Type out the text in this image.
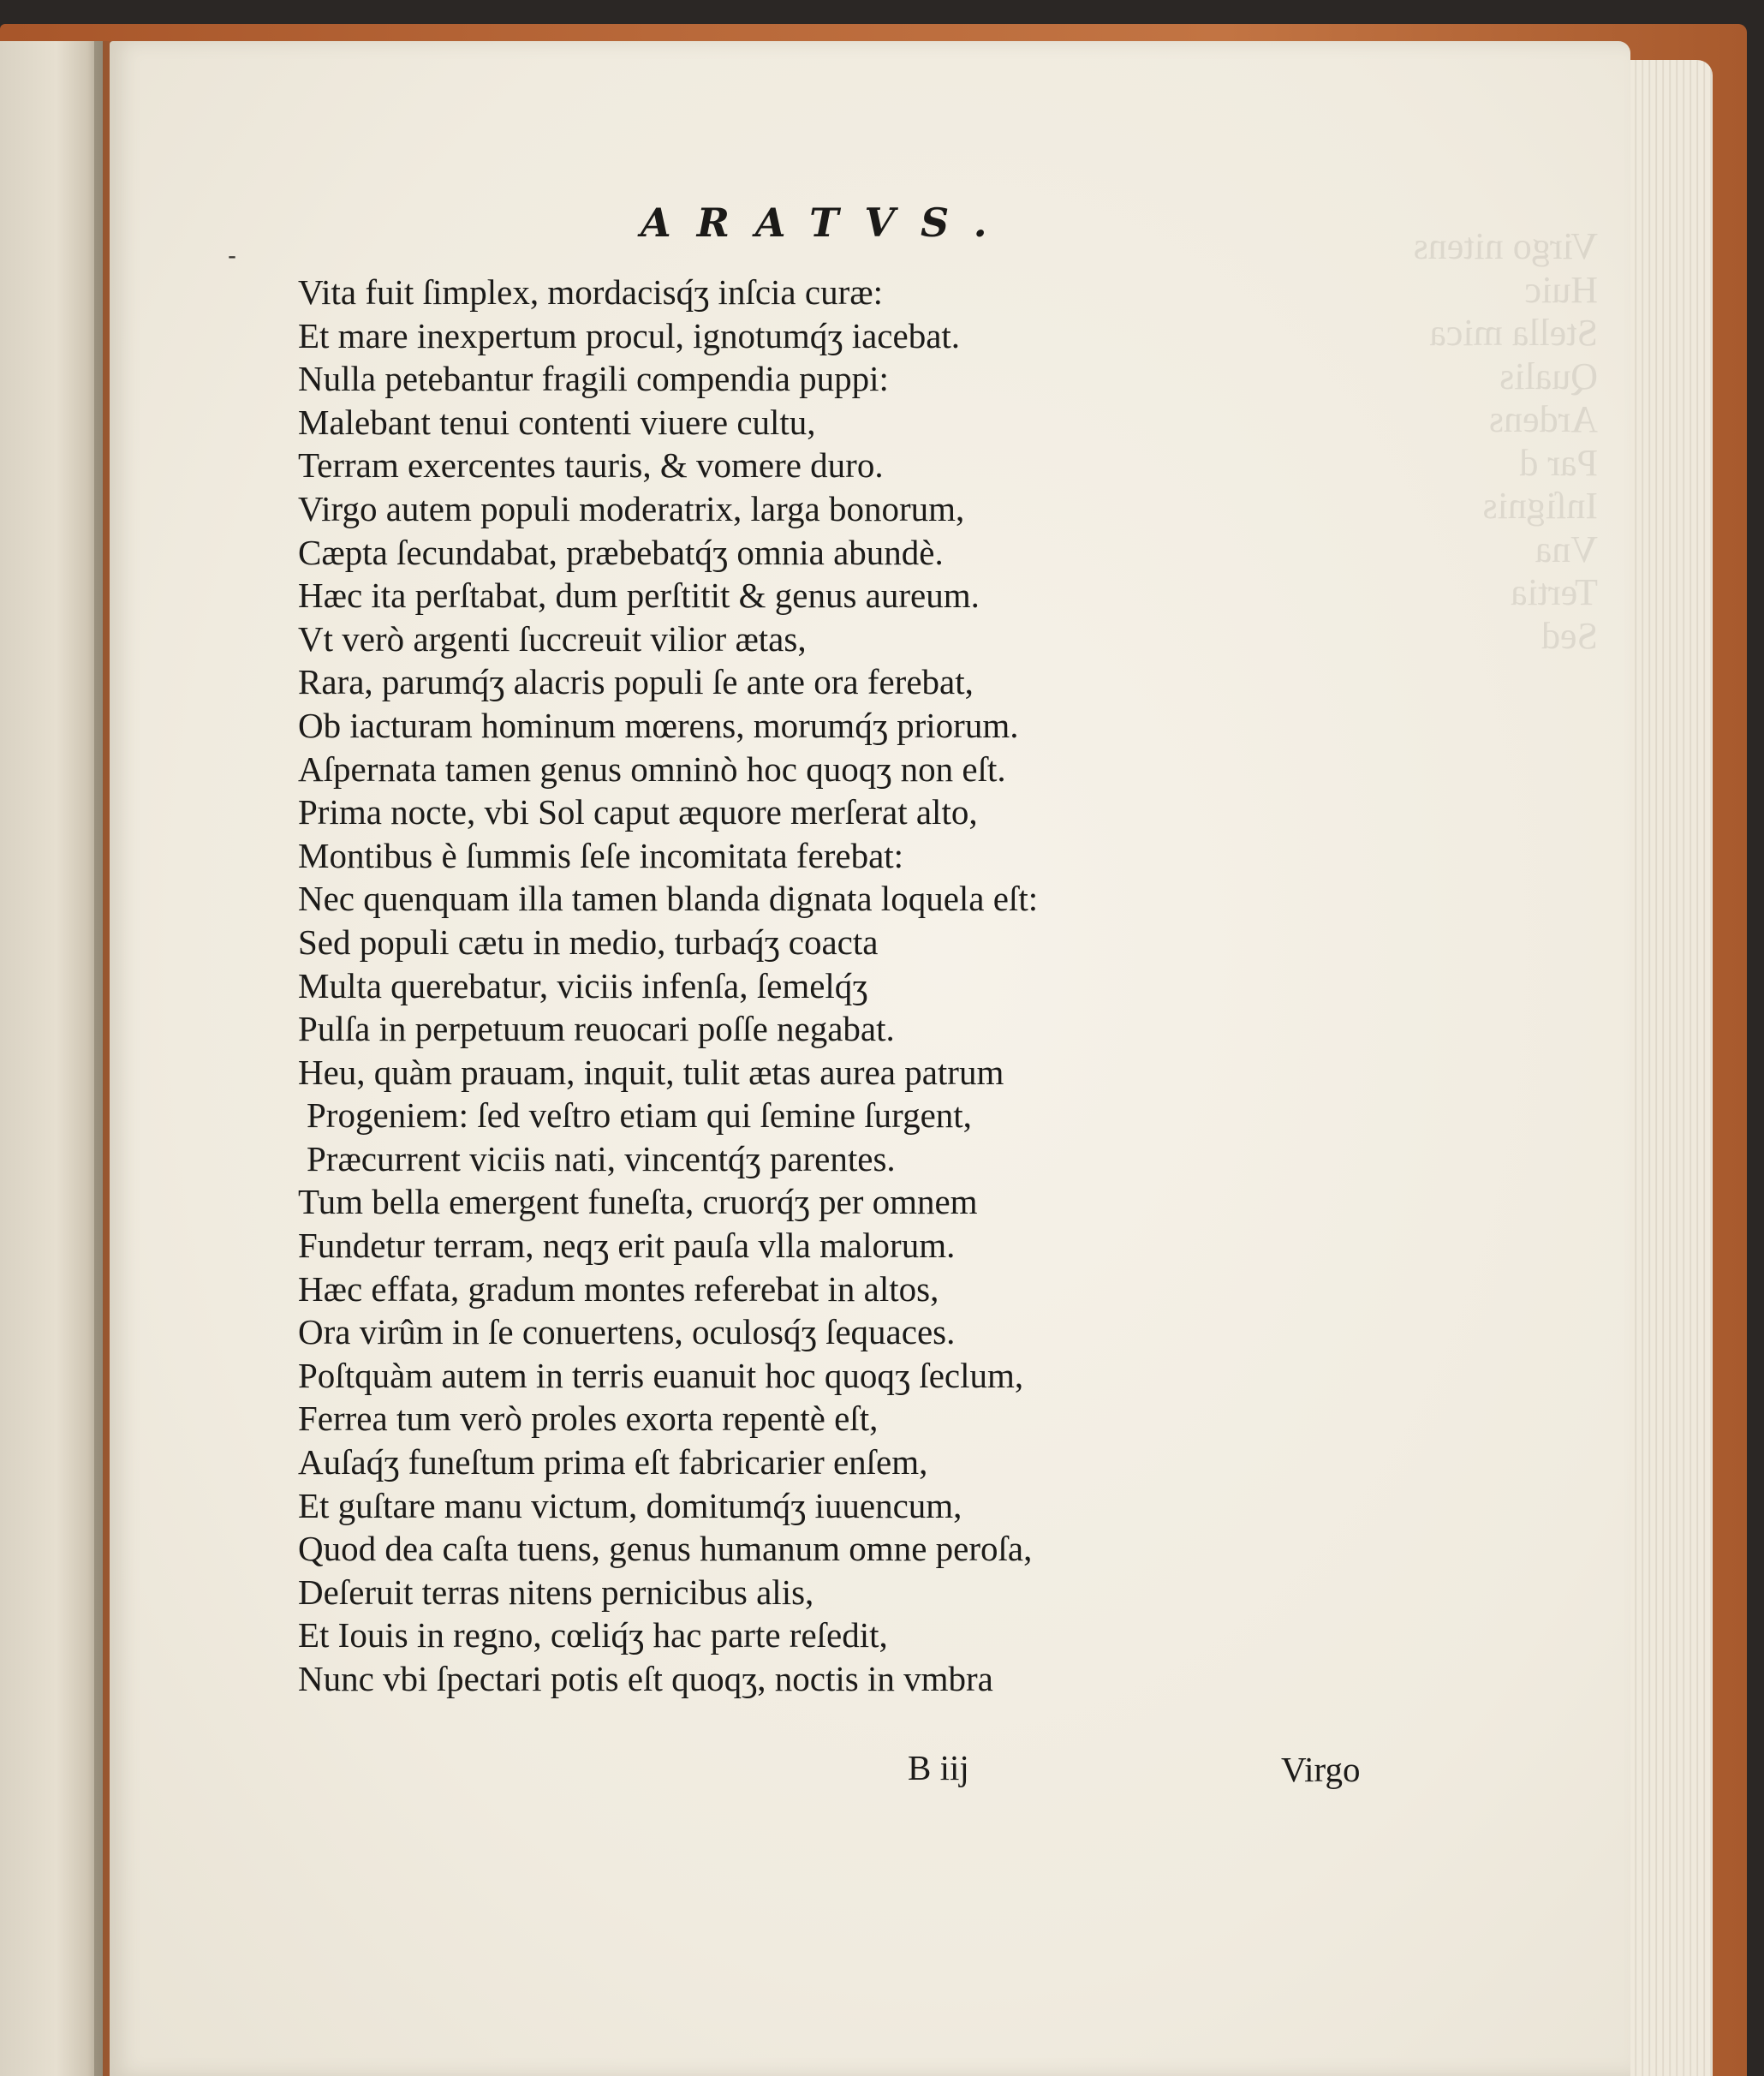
Virgo nitens
Huic
Stella mica
Qualis
Ardens
Par d
Inſignis
Vna
Tertia
Sed
-
ARATVS.
Vita fuit ſimplex, mordacisq́ʒ inſcia curæ:
Et mare inexpertum procul, ignotumq́ʒ iacebat.
Nulla petebantur fragili compendia puppi:
Malebant tenui contenti viuere cultu,
Terram exercentes tauris, & vomere duro.
Virgo autem populi moderatrix, larga bonorum,
Cæpta ſecundabat, præbebatq́ʒ omnia abundè.
Hæc ita perſtabat, dum perſtitit & genus aureum.
Vt verò argenti ſuccreuit vilior ætas,
Rara, parumq́ʒ alacris populi ſe ante ora ferebat,
Ob iacturam hominum mœrens, morumq́ʒ priorum.
Aſpernata tamen genus omninò hoc quoqʒ non eſt.
Prima nocte, vbi Sol caput æquore merſerat alto,
Montibus è ſummis ſeſe incomitata ferebat:
Nec quenquam illa tamen blanda dignata loquela eſt:
Sed populi cætu in medio, turbaq́ʒ coacta
Multa querebatur, viciis infenſa, ſemelq́ʒ
Pulſa in perpetuum reuocari poſſe negabat.
Heu, quàm prauam, inquit, tulit ætas aurea patrum
Progeniem: ſed veſtro etiam qui ſemine ſurgent,
Præcurrent viciis nati, vincentq́ʒ parentes.
Tum bella emergent funeſta, cruorq́ʒ per omnem
Fundetur terram, neqʒ erit pauſa vlla malorum.
Hæc effata, gradum montes referebat in altos,
Ora virûm in ſe conuertens, oculosq́ʒ ſequaces.
Poſtquàm autem in terris euanuit hoc quoqʒ ſeclum,
Ferrea tum verò proles exorta repentè eſt,
Auſaq́ʒ funeſtum prima eſt fabricarier enſem,
Et guſtare manu victum, domitumq́ʒ iuuencum,
Quod dea caſta tuens, genus humanum omne peroſa,
Deſeruit terras nitens pernicibus alis,
Et Iouis in regno, cœliq́ʒ hac parte reſedit,
Nunc vbi ſpectari potis eſt quoqʒ, noctis in vmbra
B iij	Virgo
